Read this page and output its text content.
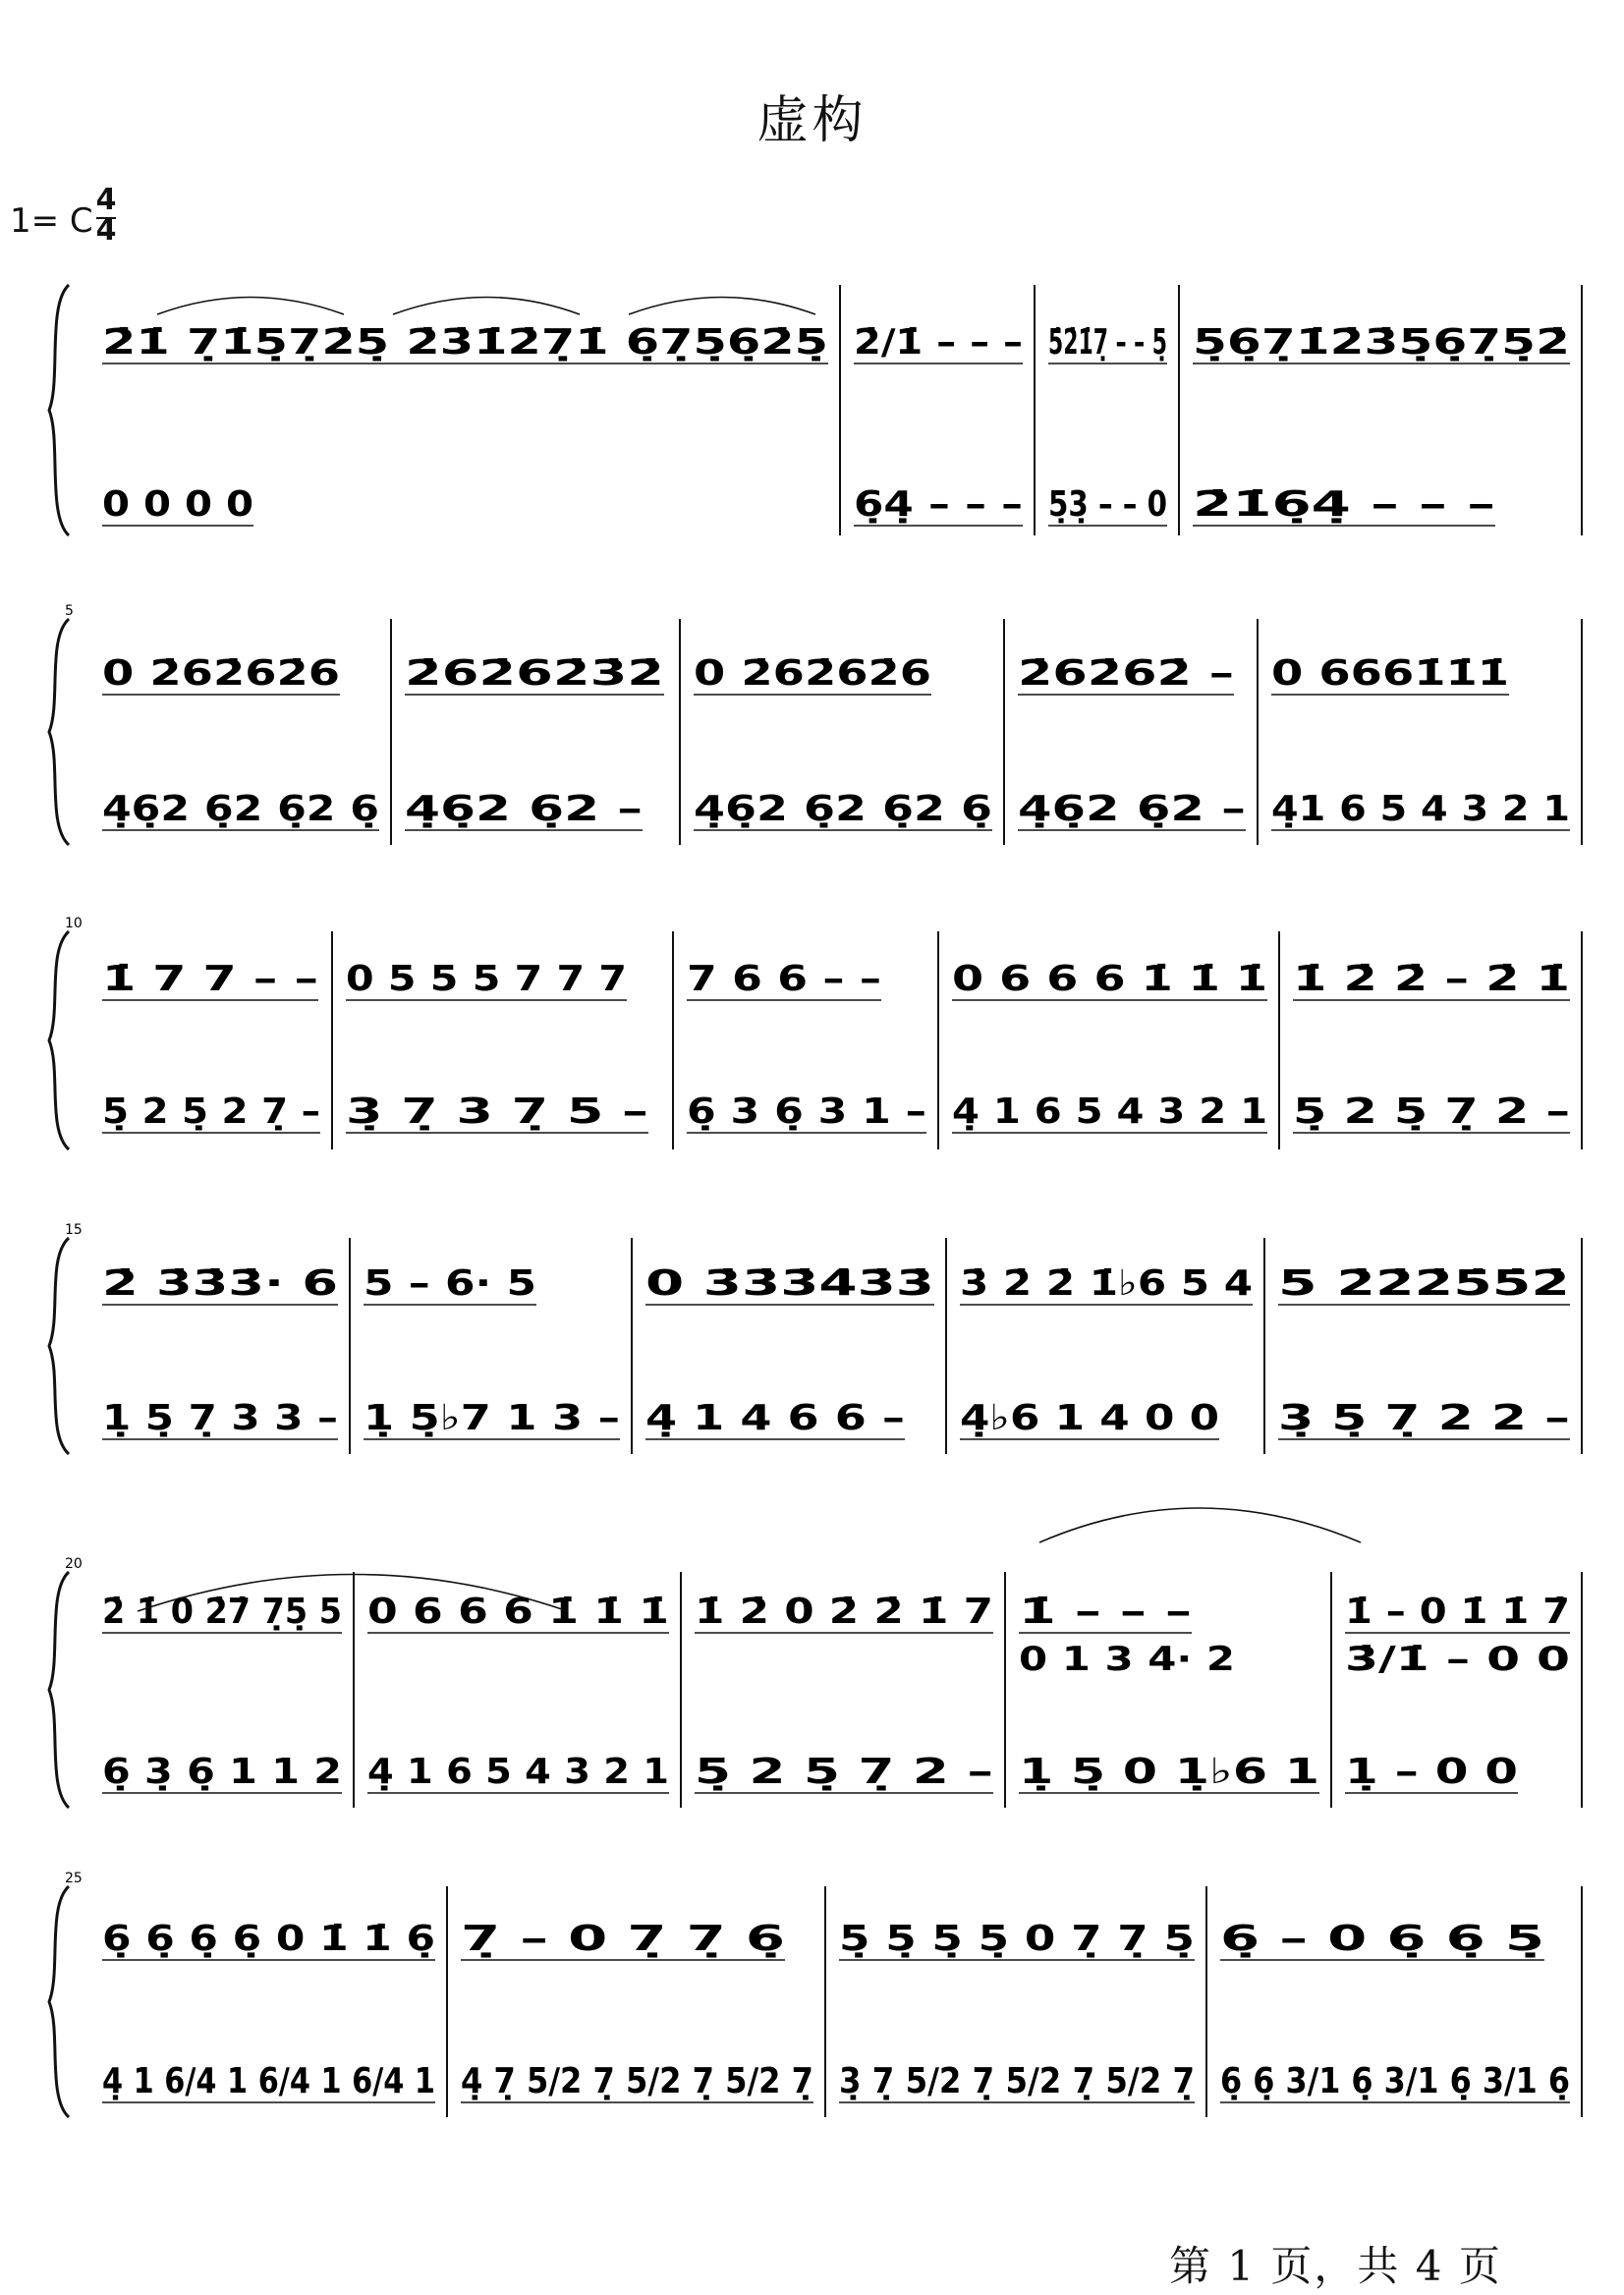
虚构
1= C
4
4
2̇1̇ 7̣1̇5̣7̣2̇5̣ 2̇3̇1̇2̇7̣1̇ 6̣7̣5̣6̣2̇5̣ 2̇/1̇ – – – 5̇2̇1̇7̣ – – 5̣ 5̣6̣7̣1̇2̇3̇5̣6̣7̣5̣2̇
0 0 0 0	6̣4̣ – – – 5̣3̣ – – 0 2̇1̇6̣4̣ – – –
5
0 2̇62̇62̇6 2̇62̇62̇3̇2̇ 0 2̇62̇62̇6 2̇62̇62̇ – 0 6661̇1̇1̇
4̣6̣2 6̣2 6̣2 6̣ 4̣6̣2 6̣2 – 4̣6̣2 6̣2 6̣2 6̣ 4̣6̣2 6̣2 – 4̣1 6 5 4 3 2 1
10
1̇ 7 7 – – 0 5 5 5 7 7 7 7 6 6 – – 0 6 6 6 1̇ 1̇ 1̇ 1̇ 2̇ 2̇ – 2̇ 1̇
5̣ 2 5̣ 2 7̣ – 3̣ 7̣ 3 7̣ 5 – 6̣ 3 6̣ 3 1 – 4̣ 1 6 5 4 3 2 1 5̣ 2 5̣ 7̣ 2 –
15
2̇ 3̇3̇3̇· 6 5 – 6· 5	0 3̇3̇3̇4̇3̇3̇ 3̇ 2̇ 2̇ 1̇♭6 5 4 5 2̇2̇2̇5̇5̇2̇
1̣ 5̣ 7̣ 3 3 – 1̣ 5̣♭7 1 3 – 4̣ 1 4 6 6 – 4̣♭6 1 4 0 0 3̣ 5̣ 7̣ 2 2 –
20
2̇ 1̇ 0 2̇7̇ 7̣5̣ 5 0 6 6 6 1̇ 1̇ 1̇ 1̇ 2̇ 0 2̇ 2̇ 1̇ 7 1̇ – – –	1̇ – 0 1̇ 1̇ 7̇
0 1 3 4· 2	3̇/1̇ – 0 0
6̣ 3̣ 6̣ 1 1 2 4̣ 1 6 5 4 3 2 1 5̣ 2 5̣ 7̣ 2 – 1̣ 5̣ 0 1̣♭6 1 1̣ – 0 0
25
6̣ 6̣ 6̣ 6̣ 0 1̇ 1̇ 6̣ 7̣ – 0 7̣ 7̣ 6̣ 5̣ 5̣ 5̣ 5̣ 0 7̣ 7̣ 5̣ 6̣ – 0 6̣ 6̣ 5̣
4̣ 1 6/4 1 6/4 1 6/4 1 4̣ 7̣ 5/2 7̣ 5/2 7̣ 5/2 7̣ 3̣ 7̣ 5/2 7̣ 5/2 7̣ 5/2 7̣ 6̣ 6̣ 3/1 6̣ 3/1 6̣ 3/1 6̣
第 1 页，共 4 页
